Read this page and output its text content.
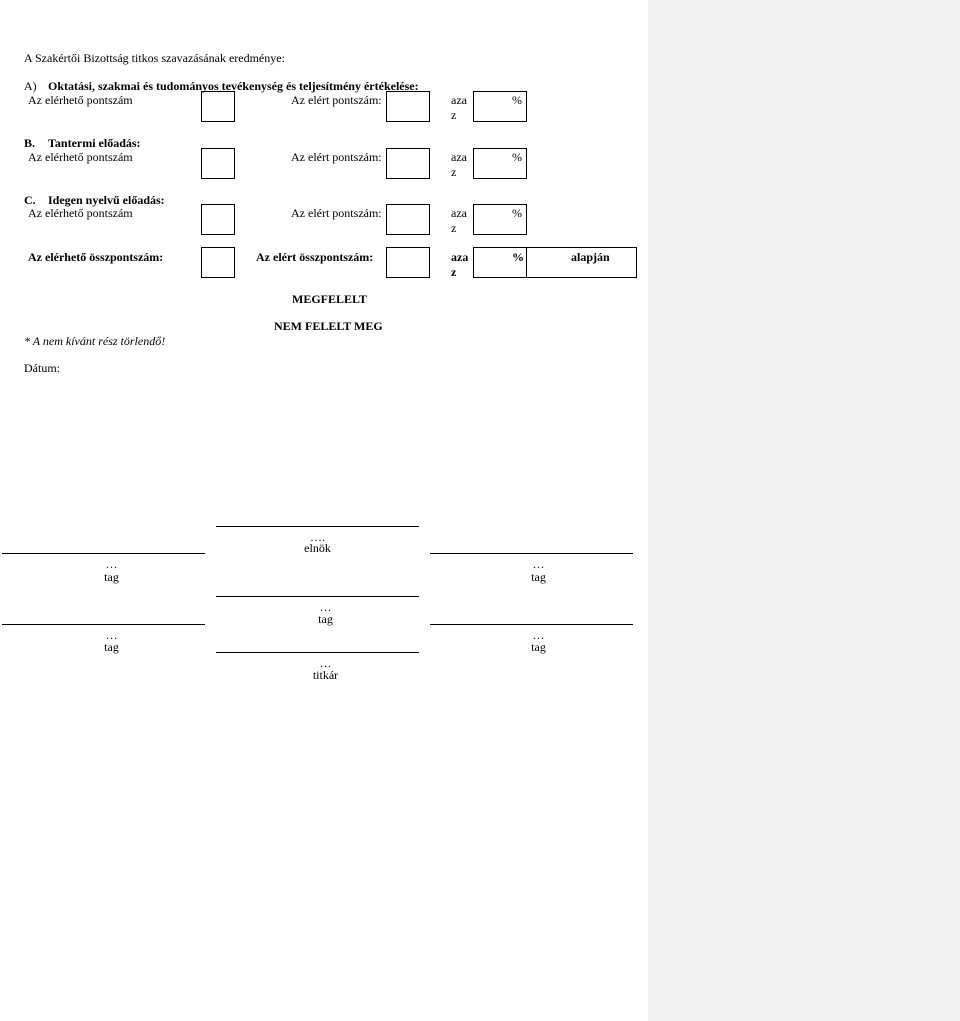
A Szakértői Bizottság titkos szavazásának eredménye:
A) Oktatási, szakmai és tudományos tevékenység és teljesítmény értékelése:
Az elérhető pontszám	Az elért pontszám:	aza
z
%
B. Tantermi előadás:
Az elérhető pontszám	Az elért pontszám:	aza
z
%
C. Idegen nyelvű előadás:
Az elérhető pontszám	Az elért pontszám:	aza
z
%
Az elérhető összpontszám:	Az elért összpontszám:	aza
z
%	alapján
MEGFELELT
NEM FELELT MEG
* A nem kívánt rész törlendő!
Dátum:
….
elnök
…
tag
…
tag
…
tag
…
tag
…
tag
…
titkár
